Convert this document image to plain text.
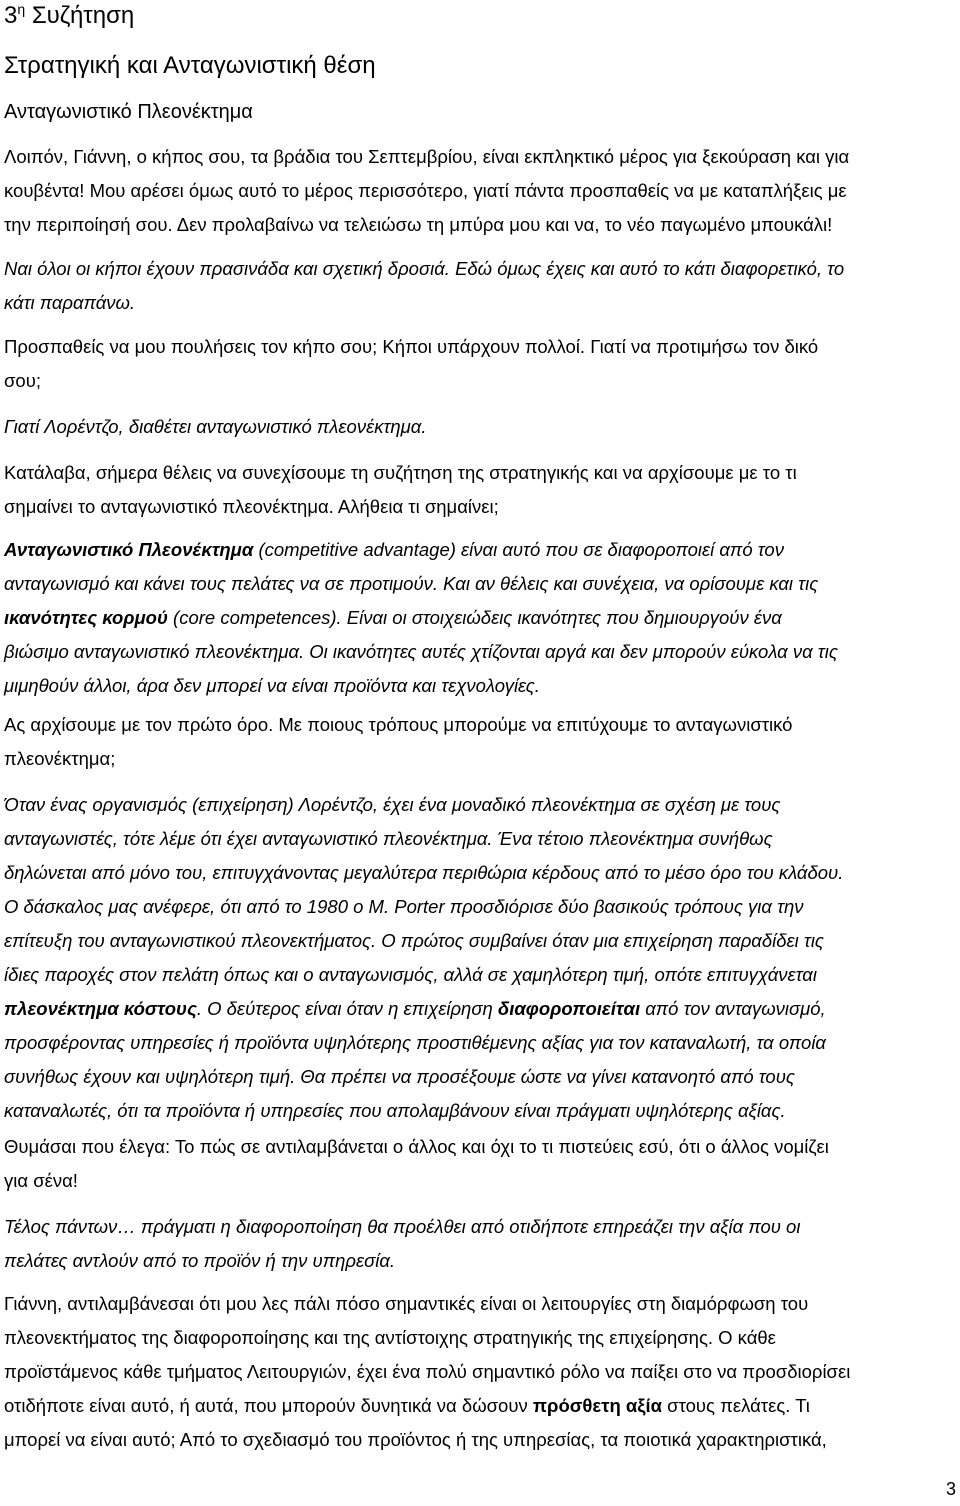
$3^\eta$ Συζήτηση
Στρατηγική και Ανταγωνιστική θέση
Ανταγωνιστικό Πλεονέκτημα
Λοιπόν, Γιάννη, ο κήπος σου, τα βράδια του Σεπτεμβρίου, είναι εκπληκτικό μέρος για ξεκούραση και για
κουβέντα! Μου αρέσει όμως αυτό το μέρος περισσότερο, γιατί πάντα προσπαθείς να με καταπλήξεις με
την περιποίησή σου. Δεν προλαβαίνω να τελειώσω τη μπύρα μου και να, το νέο παγωμένο μπουκάλι!
Ναι όλοι οι κήποι έχουν πρασινάδα και σχετική δροσιά. Εδώ όμως έχεις και αυτό το κάτι διαφορετικό, το
κάτι παραπάνω.
Προσπαθείς να μου πουλήσεις τον κήπο σου; Κήποι υπάρχουν πολλοί. Γιατί να προτιμήσω τον δικό
σου;
Γιατί Λορέντζο, διαθέτει ανταγωνιστικό πλεονέκτημα.
Κατάλαβα, σήμερα θέλεις να συνεχίσουμε τη συζήτηση της στρατηγικής και να αρχίσουμε με το τι
σημαίνει το ανταγωνιστικό πλεονέκτημα. Αλήθεια τι σημαίνει;
Ανταγωνιστικό Πλεονέκτημα (competitive advantage) είναι αυτό που σε διαφοροποιεί από τον
ανταγωνισμό και κάνει τους πελάτες να σε προτιμούν. Και αν θέλεις και συνέχεια, να ορίσουμε και τις
ικανότητες κορμού (core competences). Είναι οι στοιχειώδεις ικανότητες που δημιουργούν ένα
βιώσιμο ανταγωνιστικό πλεονέκτημα. Οι ικανότητες αυτές χτίζονται αργά και δεν μπορούν εύκολα να τις
μιμηθούν άλλοι, άρα δεν μπορεί να είναι προϊόντα και τεχνολογίες.
Ας αρχίσουμε με τον πρώτο όρο. Με ποιους τρόπους μπορούμε να επιτύχουμε το ανταγωνιστικό
πλεονέκτημα;
Όταν ένας οργανισμός (επιχείρηση) Λορέντζο, έχει ένα μοναδικό πλεονέκτημα σε σχέση με τους
ανταγωνιστές, τότε λέμε ότι έχει ανταγωνιστικό πλεονέκτημα. Ένα τέτοιο πλεονέκτημα συνήθως
δηλώνεται από μόνο του, επιτυγχάνοντας μεγαλύτερα περιθώρια κέρδους από το μέσο όρο του κλάδου.
Ο δάσκαλος μας ανέφερε, ότι από το 1980 ο Μ. Porter προσδιόρισε δύο βασικούς τρόπους για την
επίτευξη του ανταγωνιστικού πλεονεκτήματος. Ο πρώτος συμβαίνει όταν μια επιχείρηση παραδίδει τις
ίδιες παροχές στον πελάτη όπως και ο ανταγωνισμός, αλλά σε χαμηλότερη τιμή, οπότε επιτυγχάνεται
πλεονέκτημα κόστους. Ο δεύτερος είναι όταν η επιχείρηση διαφοροποιείται από τον ανταγωνισμό,
προσφέροντας υπηρεσίες ή προϊόντα υψηλότερης προστιθέμενης αξίας για τον καταναλωτή, τα οποία
συνήθως έχουν και υψηλότερη τιμή. Θα πρέπει να προσέξουμε ώστε να γίνει κατανοητό από τους
καταναλωτές, ότι τα προϊόντα ή υπηρεσίες που απολαμβάνουν είναι πράγματι υψηλότερης αξίας.
Θυμάσαι που έλεγα: Το πώς σε αντιλαμβάνεται ο άλλος και όχι το τι πιστεύεις εσύ, ότι ο άλλος νομίζει
για σένα!
Τέλος πάντων… πράγματι η διαφοροποίηση θα προέλθει από οτιδήποτε επηρεάζει την αξία που οι
πελάτες αντλούν από το προϊόν ή την υπηρεσία.
Γιάννη, αντιλαμβάνεσαι ότι μου λες πάλι πόσο σημαντικές είναι οι λειτουργίες στη διαμόρφωση του
πλεονεκτήματος της διαφοροποίησης και της αντίστοιχης στρατηγικής της επιχείρησης. Ο κάθε
προϊστάμενος κάθε τμήματος Λειτουργιών, έχει ένα πολύ σημαντικό ρόλο να παίξει στο να προσδιορίσει
οτιδήποτε είναι αυτό, ή αυτά, που μπορούν δυνητικά να δώσουν πρόσθετη αξία στους πελάτες. Τι
μπορεί να είναι αυτό; Από το σχεδιασμό του προϊόντος ή της υπηρεσίας, τα ποιοτικά χαρακτηριστικά,
3
